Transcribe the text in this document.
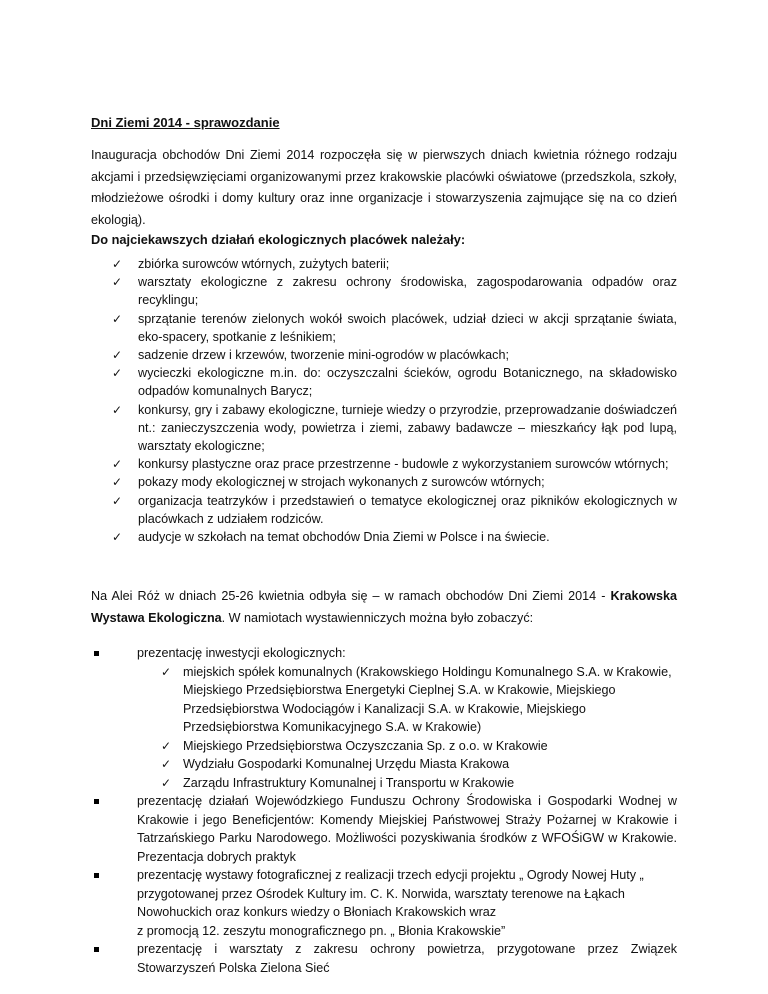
Dni Ziemi 2014 - sprawozdanie

Inauguracja obchodów Dni Ziemi 2014 rozpoczęła się w pierwszych dniach kwietnia różnego rodzaju akcjami i przedsięwzięciami organizowanymi przez krakowskie placówki oświatowe (przedszkola, szkoły, młodzieżowe ośrodki i domy kultury oraz inne organizacje i stowarzyszenia zajmujące się na co dzień ekologią).

Do najciekawszych działań ekologicznych placówek należały:
✓ zbiórka surowców wtórnych, zużytych baterii;
✓ warsztaty ekologiczne z zakresu ochrony środowiska, zagospodarowania odpadów oraz recyklingu;
✓ sprzątanie terenów zielonych wokół swoich placówek, udział dzieci w akcji sprzątanie świata, eko-spacery, spotkanie z leśnikiem;
✓ sadzenie drzew i krzewów, tworzenie mini-ogrodów w placówkach;
✓ wycieczki ekologiczne m.in. do: oczyszczalni ścieków, ogrodu Botanicznego, na składowisko odpadów komunalnych Barycz;
✓ konkursy, gry i zabawy ekologiczne, turnieje wiedzy o przyrodzie, przeprowadzanie doświadczeń nt.: zanieczyszczenia wody, powietrza i ziemi, zabawy badawcze – mieszkańcy łąk pod lupą, warsztaty ekologiczne;
✓ konkursy plastyczne oraz prace przestrzenne - budowle z wykorzystaniem surowców wtórnych;
✓ pokazy mody ekologicznej w strojach wykonanych z surowców wtórnych;
✓ organizacja teatrzyków i przedstawień o tematyce ekologicznej oraz pikników ekologicznych w placówkach z udziałem rodziców.
✓ audycje w szkołach na temat obchodów Dnia Ziemi w Polsce i na świecie.

Na Alei Róż w dniach 25-26 kwietnia odbyła się – w ramach obchodów Dni Ziemi 2014 - Krakowska Wystawa Ekologiczna. W namiotach wystawienniczych można było zobaczyć:

prezentację inwestycji ekologicznych:
✓ miejskich spółek komunalnych (Krakowskiego Holdingu Komunalnego S.A. w Krakowie, Miejskiego Przedsiębiorstwa Energetyki Cieplnej S.A. w Krakowie, Miejskiego Przedsiębiorstwa Wodociągów i Kanalizacji S.A. w Krakowie, Miejskiego Przedsiębiorstwa Komunikacyjnego S.A. w Krakowie)
✓ Miejskiego Przedsiębiorstwa Oczyszczania Sp. z o.o. w Krakowie
✓ Wydziału Gospodarki Komunalnej Urzędu Miasta Krakowa
✓ Zarządu Infrastruktury Komunalnej i Transportu w Krakowie
prezentację działań Wojewódzkiego Funduszu Ochrony Środowiska i Gospodarki Wodnej w Krakowie i jego Beneficjentów: Komendy Miejskiej Państwowej Straży Pożarnej w Krakowie i Tatrzańskiego Parku Narodowego. Możliwości pozyskiwania środków z WFOŚiGW w Krakowie. Prezentacja dobrych praktyk
prezentację wystawy fotograficznej z realizacji trzech edycji projektu „ Ogrody Nowej Huty „
przygotowanej przez Ośrodek Kultury im. C. K. Norwida, warsztaty terenowe na Łąkach
Nowohuckich oraz konkurs wiedzy o Błoniach Krakowskich wraz
z promocją 12. zeszytu monograficznego pn. „ Błonia Krakowskie”
prezentację i warsztaty z zakresu ochrony powietrza, przygotowane przez Związek Stowarzyszeń Polska Zielona Sieć
